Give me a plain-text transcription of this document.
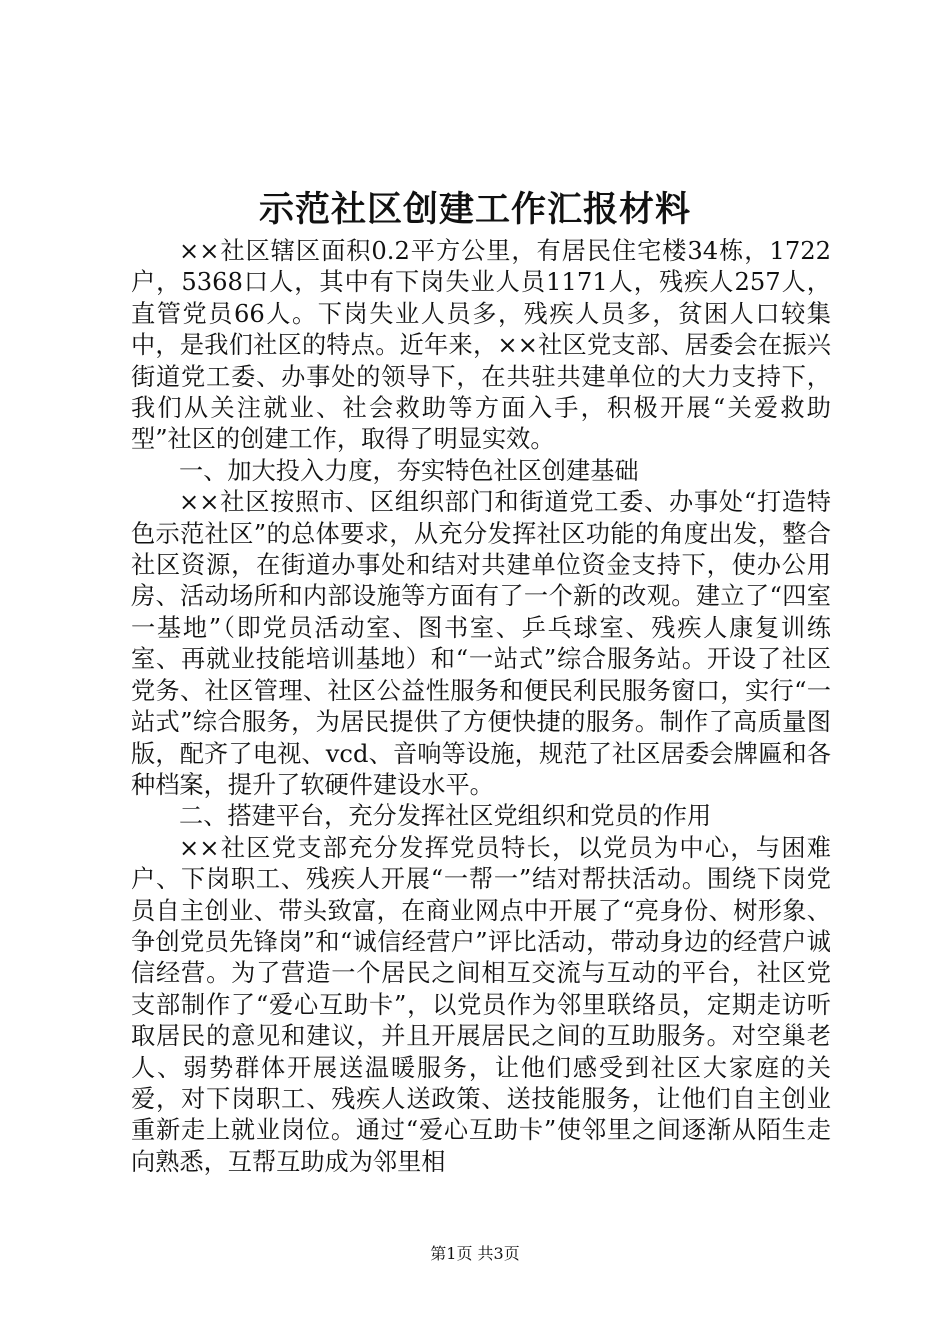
示范社区创建工作汇报材料

××社区辖区面积0.2平方公里，有居民住宅楼34栋，1722户，5368口人，其中有下岗失业人员1171人，残疾人257人，直管党员66人。下岗失业人员多，残疾人员多，贫困人口较集中，是我们社区的特点。近年来，××社区党支部、居委会在振兴街道党工委、办事处的领导下，在共驻共建单位的大力支持下，我们从关注就业、社会救助等方面入手，积极开展“关爱救助型”社区的创建工作，取得了明显实效。

一、加大投入力度，夯实特色社区创建基础

××社区按照市、区组织部门和街道党工委、办事处“打造特色示范社区”的总体要求，从充分发挥社区功能的角度出发，整合社区资源，在街道办事处和结对共建单位资金支持下，使办公用房、活动场所和内部设施等方面有了一个新的改观。建立了“四室一基地”（即党员活动室、图书室、乒乓球室、残疾人康复训练室、再就业技能培训基地）和“一站式”综合服务站。开设了社区党务、社区管理、社区公益性服务和便民利民服务窗口，实行“一站式”综合服务，为居民提供了方便快捷的服务。制作了高质量图版，配齐了电视、vcd、音响等设施，规范了社区居委会牌匾和各种档案，提升了软硬件建设水平。

二、搭建平台，充分发挥社区党组织和党员的作用

××社区党支部充分发挥党员特长，以党员为中心，与困难户、下岗职工、残疾人开展“一帮一”结对帮扶活动。围绕下岗党员自主创业、带头致富，在商业网点中开展了“亮身份、树形象、争创党员先锋岗”和“诚信经营户”评比活动，带动身边的经营户诚信经营。为了营造一个居民之间相互交流与互动的平台，社区党支部制作了“爱心互助卡”，以党员作为邻里联络员，定期走访听取居民的意见和建议，并且开展居民之间的互助服务。对空巢老人、弱势群体开展送温暖服务，让他们感受到社区大家庭的关爱，对下岗职工、残疾人送政策、送技能服务，让他们自主创业重新走上就业岗位。通过“爱心互助卡”使邻里之间逐渐从陌生走向熟悉，互帮互助成为邻里相

第1页 共3页
